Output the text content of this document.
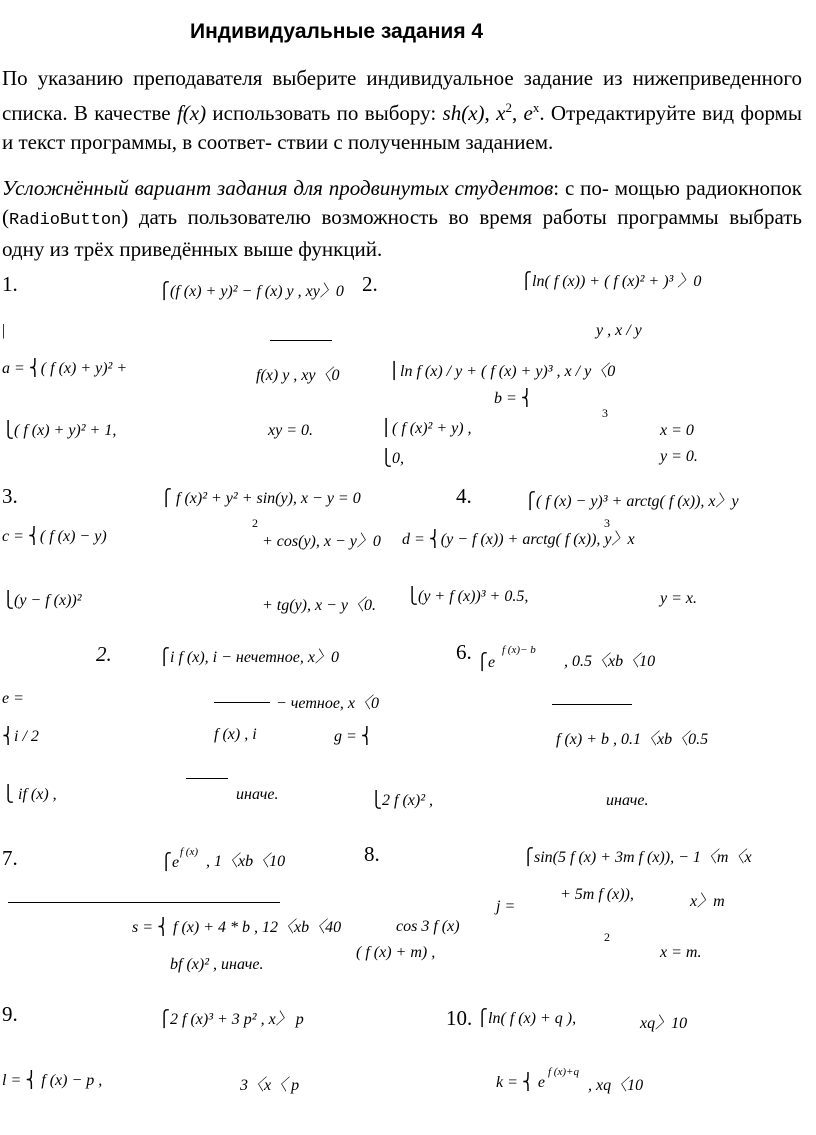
Индивидуальные задания 4
По указанию преподавателя выберите индивидуальное задание из нижеприведенного списка. В качестве f(x) использовать по выбору: sh(x), $x^2$, $e^x$. Отредактируйте вид формы и текст программы, в соответ- ствии с полученным заданием.
Усложнённый вариант задания для продвинутых студентов: с по- мощью радиокнопок (RadioButton) дать пользователю возможность во время работы программы выбрать одну из трёх приведённых выше функций.
1.	⎧(f (x) + y)² − f (x) y , xy〉0
|
a = ⎨( f (x) + y)² +	f(x) y , xy〈0
⎩( f (x) + y)² + 1,	xy = 0.
2.	⎧ln( f (x)) + ( f (x)² + )³ 〉0
y , x / y
⎪ln f (x) / y + ( f (x) + y)³ , x / y〈0
b = ⎨
3
⎪( f (x)² + y) ,	x = 0
⎩0,	y = 0.
3.	⎧ f (x)² + y² + sin(y), x − y = 0
2
c = ⎨( f (x) − y)	+ cos(y), x − y〉0
⎩(y − f (x))²	+ tg(y), x − y〈0.
4.	⎧( f (x) − y)³ + arctg( f (x)), x〉y
3
d = ⎨(y − f (x)) + arctg( f (x)), y〉x
⎩(y + f (x))³ + 0.5,	y = x.
2.	⎧i f (x), i − нечетное, x〉0
e =	− четное, x〈0
⎨i / 2	f (x) , i
⎩ if (x) ,	иначе.
6. ⎧e
f (x)− b
, 0.5〈xb〈10
g = ⎨	f (x) + b , 0.1〈xb〈0.5
⎩2 f (x)² ,	иначе.
7.	⎧e
f (x)
, 1〈xb〈10
s = ⎨ f (x) + 4 * b , 12〈xb〈40
bf (x)² , иначе.
8.	⎧sin(5 f (x) + 3m f (x)), − 1〈m〈x
+ 5m f (x)),	x〉m
j =
2
cos 3 f (x)
( f (x) + m) ,	x = m.
9.	⎧2 f (x)³ + 3 p² , x〉 p
l = ⎨ f (x) − p ,	3〈x〈 p
10. ⎧ln( f (x) + q ),	xq〉10
k = ⎨ e
f (x)+q
, xq〈10
